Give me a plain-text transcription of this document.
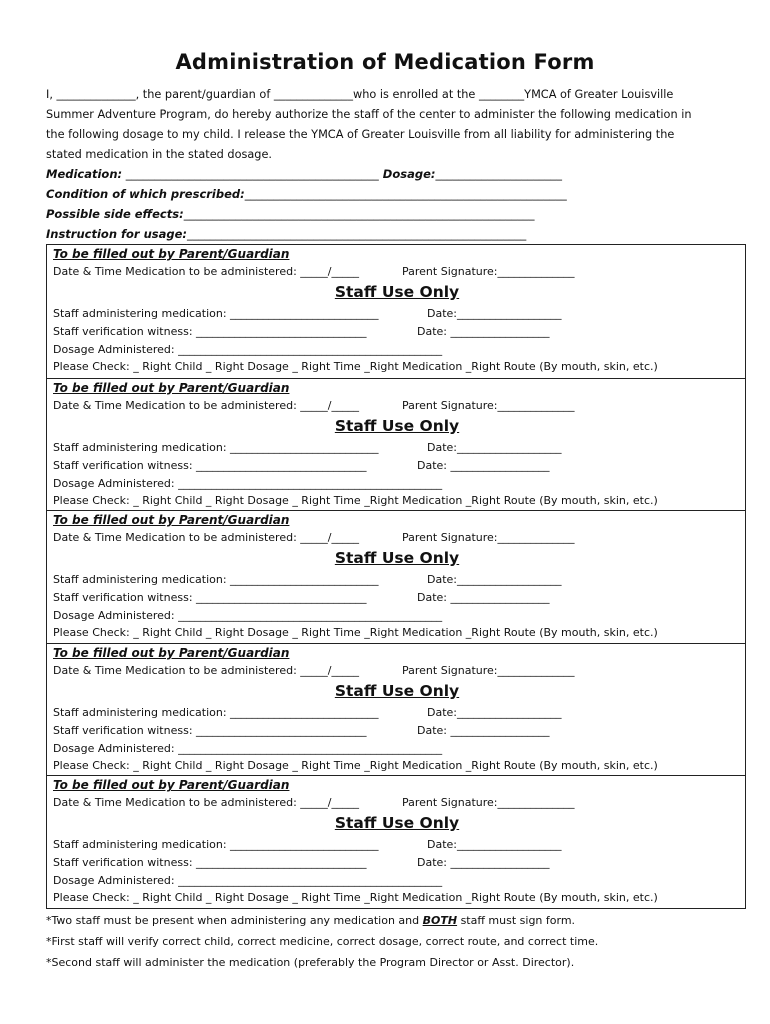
Administration of Medication Form

I, ______________, the parent/guardian of ______________who is enrolled at the ________YMCA of Greater Louisville

Summer Adventure Program, do hereby authorize the staff of the center to administer the following medication in

the following dosage to my child. I release the YMCA of Greater Louisville from all liability for administering the

stated medication in the stated dosage.

Medication: ____________________________________________ Dosage:______________________
Condition of which prescribed:________________________________________________________
Possible side effects:_____________________________________________________________
Instruction for usage:___________________________________________________________
To be filled out by Parent/Guardian
Date & Time Medication to be administered: _____/_____	Parent Signature:______________
Staff Use Only
Staff administering medication: ___________________________	Date:___________________
Staff verification witness: _______________________________	Date: __________________
Dosage Administered: ________________________________________________
Please Check: _ Right Child _ Right Dosage _ Right Time _Right Medication _Right Route (By mouth, skin, etc.)
To be filled out by Parent/Guardian
Date & Time Medication to be administered: _____/_____	Parent Signature:______________
Staff Use Only
Staff administering medication: ___________________________	Date:___________________
Staff verification witness: _______________________________	Date: __________________
Dosage Administered: ________________________________________________
Please Check: _ Right Child _ Right Dosage _ Right Time _Right Medication _Right Route (By mouth, skin, etc.)
To be filled out by Parent/Guardian
Date & Time Medication to be administered: _____/_____	Parent Signature:______________
Staff Use Only
Staff administering medication: ___________________________	Date:___________________
Staff verification witness: _______________________________	Date: __________________
Dosage Administered: ________________________________________________
Please Check: _ Right Child _ Right Dosage _ Right Time _Right Medication _Right Route (By mouth, skin, etc.)
To be filled out by Parent/Guardian
Date & Time Medication to be administered: _____/_____	Parent Signature:______________
Staff Use Only
Staff administering medication: ___________________________	Date:___________________
Staff verification witness: _______________________________	Date: __________________
Dosage Administered: ________________________________________________
Please Check: _ Right Child _ Right Dosage _ Right Time _Right Medication _Right Route (By mouth, skin, etc.)
To be filled out by Parent/Guardian
Date & Time Medication to be administered: _____/_____	Parent Signature:______________
Staff Use Only
Staff administering medication: ___________________________	Date:___________________
Staff verification witness: _______________________________	Date: __________________
Dosage Administered: ________________________________________________
Please Check: _ Right Child _ Right Dosage _ Right Time _Right Medication _Right Route (By mouth, skin, etc.)

*Two staff must be present when administering any medication and BOTH staff must sign form.

*First staff will verify correct child, correct medicine, correct dosage, correct route, and correct time.

*Second staff will administer the medication (preferably the Program Director or Asst. Director).
